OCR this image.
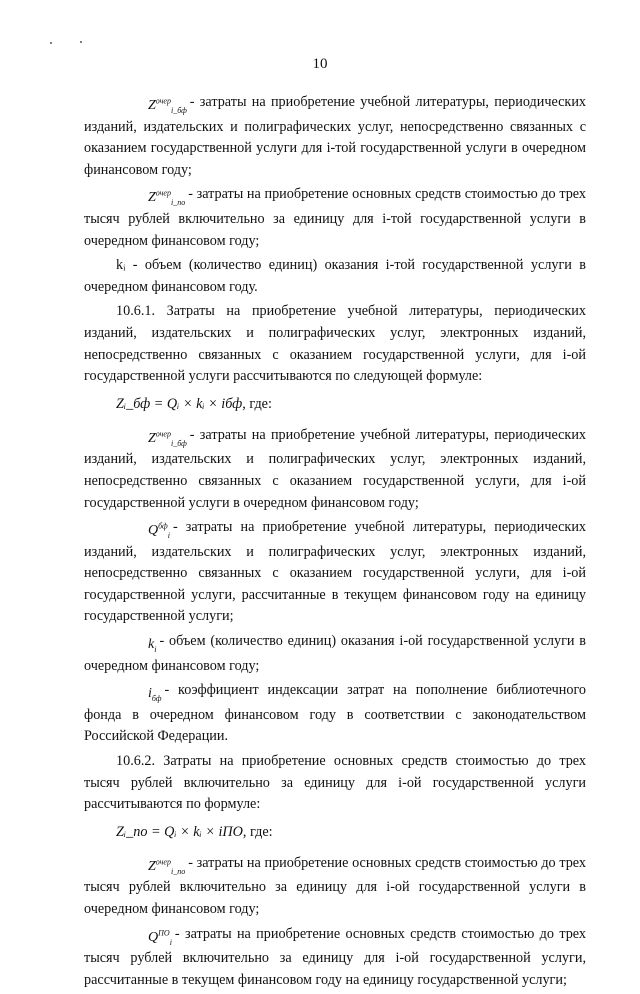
10

$Z^{очер}_{i\_бф}-$ затраты на приобретение учебной литературы, периодических изданий, издательских и полиграфических услуг, непосредственно связанных с оказанием государственной услуги для i-той государственной услуги в очередном финансовом году;

$Z^{очер}_{i\_по}-$ затраты на приобретение основных средств стоимостью до трех тысяч рублей включительно за единицу для i-той государственной услуги в очередном финансовом году;

kᵢ - объем (количество единиц) оказания i-той государственной услуги в очередном финансовом году.

10.6.1. Затраты на приобретение учебной литературы, периодических изданий, издательских и полиграфических услуг, электронных изданий, непосредственно связанных с оказанием государственной услуги, для i-ой государственной услуги рассчитываются по следующей формуле:

Zᵢ_бф = Qᵢ × kᵢ × iбф, где:

$Z^{очер}_{i\_бф}-$ затраты на приобретение учебной литературы, периодических изданий, издательских и полиграфических услуг, электронных изданий, непосредственно связанных с оказанием государственной услуги, для i-ой государственной услуги в очередном финансовом году;

$Q^{бф}_i-$ затраты на приобретение учебной литературы, периодических изданий, издательских и полиграфических услуг, электронных изданий, непосредственно связанных с оказанием государственной услуги, для i-ой государственной услуги, рассчитанные в текущем финансовом году на единицу государственной услуги;

$k_i-$ объем (количество единиц) оказания i-ой государственной услуги в очередном финансовом году;

$i_{бф}-$ коэффициент индексации затрат на пополнение библиотечного фонда в очередном финансовом году в соответствии с законодательством Российской Федерации.

10.6.2. Затраты на приобретение основных средств стоимостью до трех тысяч рублей включительно за единицу для i-ой государственной услуги рассчитываются по формуле:

Zᵢ_по = Qᵢ × kᵢ × iПО, где:

$Z^{очер}_{i\_по}-$ затраты на приобретение основных средств стоимостью до трех тысяч рублей включительно за единицу для i-ой государственной услуги в очередном финансовом году;

$Q^{ПО}_i-$ затраты на приобретение основных средств стоимостью до трех тысяч рублей включительно за единицу для i-ой государственной услуги, рассчитанные в текущем финансовом году на единицу государственной услуги;
